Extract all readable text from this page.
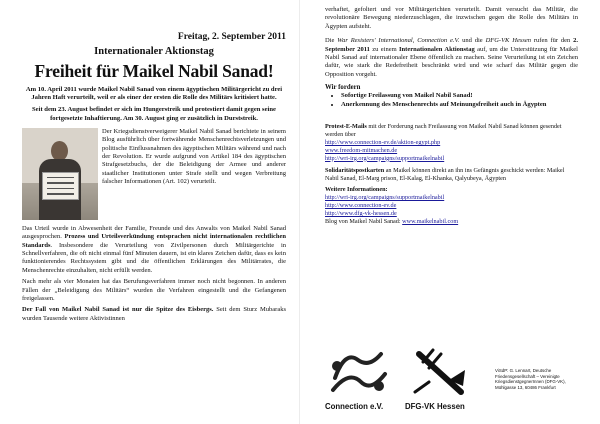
Freitag, 2. September 2011

Internationaler Aktionstag

Freiheit für Maikel Nabil Sanad!

Am 10. April 2011 wurde Maikel Nabil Sanad von einem ägyptischen Militärgericht zu drei Jahren Haft verurteilt, weil er als einer der ersten die Rolle des Militärs kritisiert hatte.

Seit dem 23. August befindet er sich im Hungerstreik und protestiert damit gegen seine fortgesetzte Inhaftierung. Am 30. August ging er zusätzlich in Durststreik.

Der Kriegsdienstverweigerer Maikel Nabil Sanad berichtete in seinem Blog ausführlich über fortwährende Menschenrechtsverletzungen und politische Einflussnahmen des ägyptischen Militärs während und nach der Revolution. Er wurde aufgrund von Artikel 184 des ägyptischen Strafgesetzbuchs, der die Beleidigung der Armee und anderer staatlicher Institutionen unter Strafe stellt und wegen Verbreitung falscher Informationen (Art. 102) verurteilt.

Das Urteil wurde in Abwesenheit der Familie, Freunde und des Anwalts von Maikel Nabil Sanad ausgesprochen. Prozess und Urteilsverkündung entsprachen nicht internationalen rechtlichen Standards. Insbesondere die Verurteilung von Zivilpersonen durch Militärgerichte in Schnellverfahren, die oft nicht einmal fünf Minuten dauern, ist ein klares Zeichen dafür, dass es kein funktionierendes Rechtssystem gibt und die öffentlichen Erklärungen des Militärrates, die Menschenrechte einzuhalten, nicht erfüllt werden.

Nach mehr als vier Monaten hat das Berufungsverfahren immer noch nicht begonnen. In anderen Fällen der „Beleidigung des Militärs“ wurden die Verfahren eingestellt und die Gefangenen freigelassen.

Der Fall von Maikel Nabil Sanad ist nur die Spitze des Eisbergs. Seit dem Sturz Mubaraks wurden Tausende weitere Aktivistinnen

verhaftet, gefoltert und vor Militärgerichten verurteilt. Damit versucht das Militär, die revolutionäre Bewegung niederzuschlagen, die inzwischen gegen die Rolle des Militärs in Ägypten aufsteht.

Die War Resisters' International, Connection e.V. und die DFG-VK Hessen rufen für den 2. September 2011 zu einem Internationalen Aktionstag auf, um die Unterstützung für Maikel Nabil Sanad auf internationaler Ebene öffentlich zu machen. Seine Verurteilung ist ein Zeichen dafür, wie stark die Redefreiheit beschränkt wird und wie scharf das Militär gegen die Opposition vorgeht.

Wir fordern

• Sofortige Freilassung von Maikel Nabil Sanad!
• Anerkennung des Menschenrechts auf Meinungsfreiheit auch in Ägypten

Protest-E-Mails mit der Forderung nach Freilassung von Maikel Nabil Sanad können gesendet werden über

http://www.connection-ev.de/aktion-egypt.php
www.freedom-mitmachen.de
http://wri-irg.org/campaigns/supportmaikelnabil

Solidaritätspostkarten an Maikel können direkt an ihn ins Gefängnis geschickt werden: Maikel Nabil Sanad, El-Marg prison, El-Kalag, El-Khanka, Qalyubeya, Ägypten

Weitere Informationen:

http://wri-irg.org/campaigns/supportmaikelnabil
http://www.connection-ev.de
http://www.dfg-vk-hessen.de

Blog von Maikel Nabil Sanad: www.maikelnabil.com

Connection e.V.	DFG-VK Hessen
ViSdP: G. Lennart, Deutsche Friedensgesellschaft – Vereinigte KriegsdienstgegnerInnen (DFG-VK), Mühlgasse 13, 60486 Frankfurt
